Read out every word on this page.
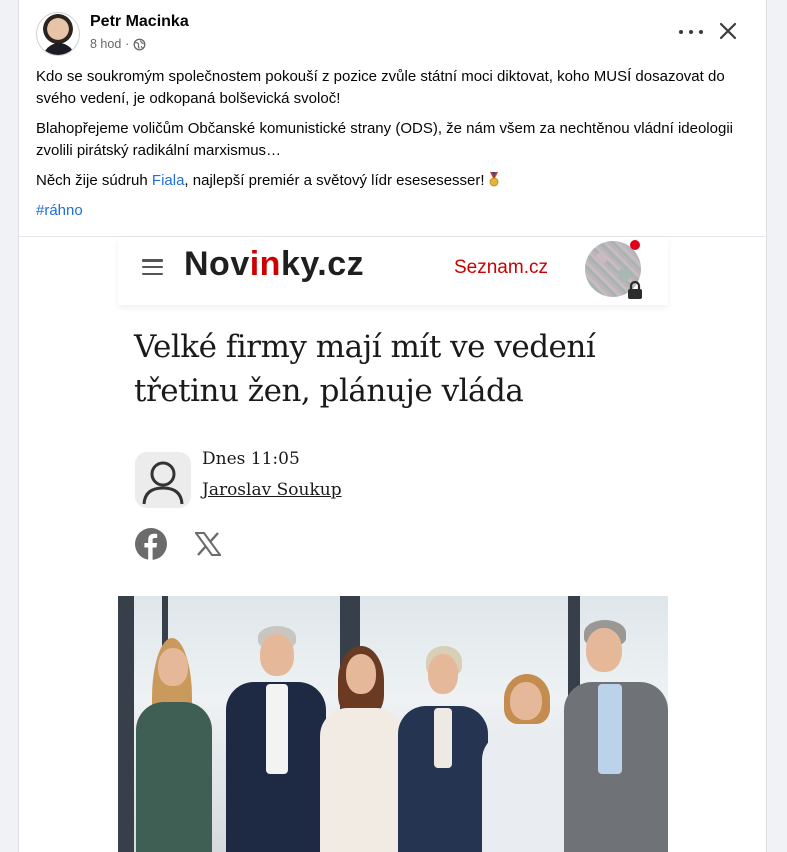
Petr Macinka
8 hod ·

Kdo se soukromým společnostem pokouší z pozice zvůle státní moci diktovat, koho MUSÍ dosazovat do svého vedení, je odkopaná bolševická svoloč!

Blahopřejeme voličům Občanské komunistické strany (ODS), že nám všem za nechtěnou vládní ideologii zvolili pirátský radikální marxismus…

Něch žije súdruh Fiala, najlepší premiér a světový lídr esesesesser!

#ráhno
Novinky.cz	Seznam.cz
Velké firmy mají mít ve vedení třetinu žen, plánuje vláda
Dnes 11:05
Jaroslav Soukup
